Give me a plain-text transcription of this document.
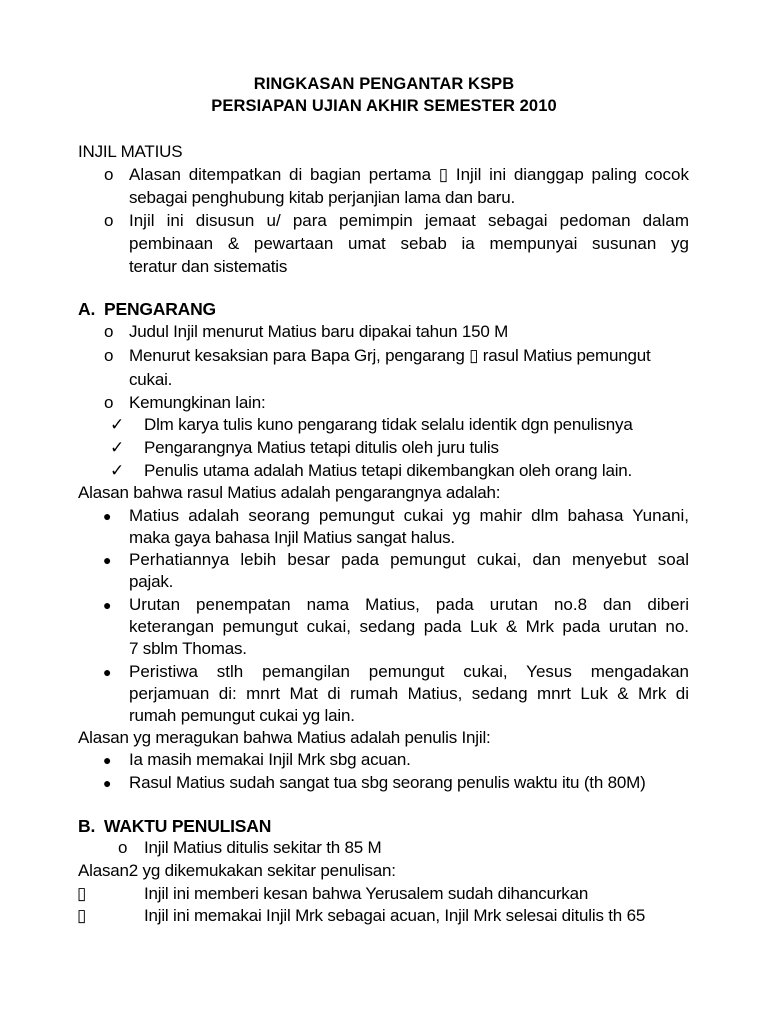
RINGKASAN PENGANTAR KSPB
PERSIAPAN UJIAN AKHIR SEMESTER 2010
INJIL MATIUS
o Alasan ditempatkan di bagian pertama ▯ Injil ini dianggap paling cocok
sebagai penghubung kitab perjanjian lama dan baru.
o Injil ini disusun u/ para pemimpin jemaat sebagai pedoman dalam
pembinaan & pewartaan umat sebab ia mempunyai susunan yg
teratur dan sistematis
A. PENGARANG
o Judul Injil menurut Matius baru dipakai tahun 150 M
o Menurut kesaksian para Bapa Grj, pengarang ▯ rasul Matius pemungut
cukai.
o Kemungkinan lain:
✓ Dlm karya tulis kuno pengarang tidak selalu identik dgn penulisnya
✓ Pengarangnya Matius tetapi ditulis oleh juru tulis
✓ Penulis utama adalah Matius tetapi dikembangkan oleh orang lain.
Alasan bahwa rasul Matius adalah pengarangnya adalah:
● Matius adalah seorang pemungut cukai yg mahir dlm bahasa Yunani,
maka gaya bahasa Injil Matius sangat halus.
● Perhatiannya lebih besar pada pemungut cukai, dan menyebut soal
pajak.
● Urutan penempatan nama Matius, pada urutan no.8 dan diberi
keterangan pemungut cukai, sedang pada Luk & Mrk pada urutan no.
7 sblm Thomas.
● Peristiwa stlh pemangilan pemungut cukai, Yesus mengadakan
perjamuan di: mnrt Mat di rumah Matius, sedang mnrt Luk & Mrk di
rumah pemungut cukai yg lain.
Alasan yg meragukan bahwa Matius adalah penulis Injil:
● Ia masih memakai Injil Mrk sbg acuan.
● Rasul Matius sudah sangat tua sbg seorang penulis waktu itu (th 80M)
B. WAKTU PENULISAN
o Injil Matius ditulis sekitar th 85 M
Alasan2 yg dikemukakan sekitar penulisan:
▯	Injil ini memberi kesan bahwa Yerusalem sudah dihancurkan
▯	Injil ini memakai Injil Mrk sebagai acuan, Injil Mrk selesai ditulis th 65
